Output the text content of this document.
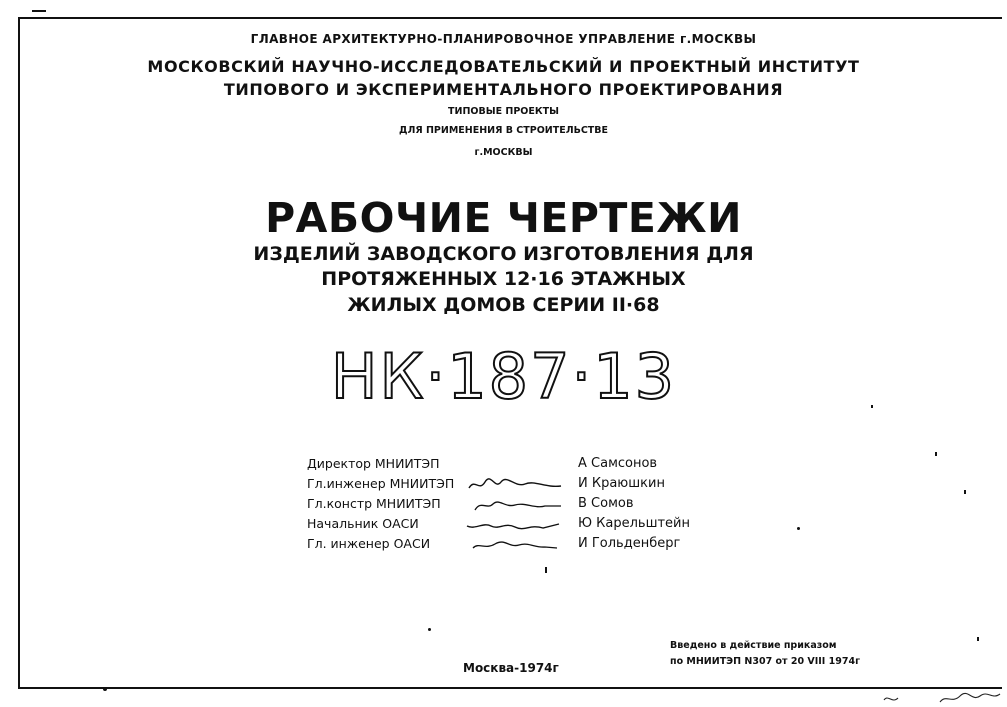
ГЛАВНОЕ АРХИТЕКТУРНО-ПЛАНИРОВОЧНОЕ УПРАВЛЕНИЕ г.МОСКВЫ
МОСКОВСКИЙ НАУЧНО-ИССЛЕДОВАТЕЛЬСКИЙ И ПРОЕКТНЫЙ ИНСТИТУТ
ТИПОВОГО И ЭКСПЕРИМЕНТАЛЬНОГО ПРОЕКТИРОВАНИЯ
ТИПОВЫЕ ПРОЕКТЫ
ДЛЯ ПРИМЕНЕНИЯ В СТРОИТЕЛЬСТВЕ
г.МОСКВЫ
РАБОЧИЕ ЧЕРТЕЖИ
ИЗДЕЛИЙ ЗАВОДСКОГО ИЗГОТОВЛЕНИЯ ДЛЯ
ПРОТЯЖЕННЫХ 12·16 ЭТАЖНЫХ
ЖИЛЫХ ДОМОВ СЕРИИ II·68
НК·187·13
Директор МНИИТЭП	А Самсонов
Гл.инженер МНИИТЭП	И Краюшкин
Гл.констр МНИИТЭП	В Сомов
Начальник ОАСИ	Ю Карельштейн
Гл. инженер ОАСИ	И Гольденберг
Москва-1974г
Введено в действие приказом
по МНИИТЭП N307 от 20 VIII 1974г
